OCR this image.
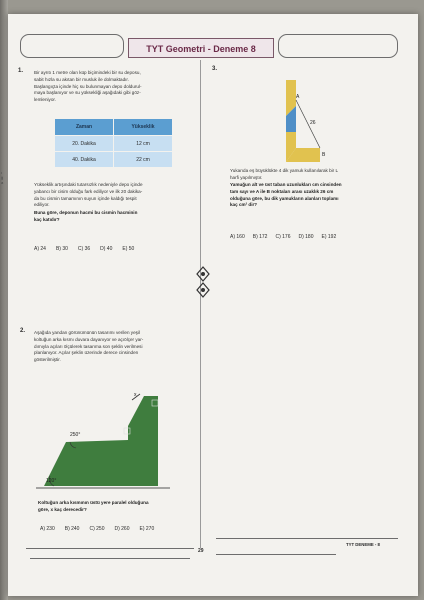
ı
ğ
a
TYT Geometri - Deneme 8
1. Bir ayrıtı 1 metre olan küp biçimindeki bir su deposu,
sabit hızla su akıtan bir musluk ile dolmaktadır.
Başlangıçta içinde hiç su bulunmayan depo doldurul-
maya başlanıyor ve su yüksekliği aşağıdaki gibi göz-
lemleniyor.
Zaman	Yükseklik
20. Dakika	12 cm
40. Dakika	22 cm
Yükseklik artışındaki tutarsızlık nedeniyle depo içinde
yabancı bir cisim olduğu fark ediliyor ve ilk 20 dakika-
da bu cismin tamamının suyun içinde kaldığı tespit
ediliyor.
Buna göre, deponun hacmi bu cismin hacminin
kaç katıdır?
A) 24 B) 30 C) 36 D) 40 E) 50
2. Aşağıda yandan görünümünün tasarımı verilen yeşil
koltuğun arka kısmı duvara dayanıyor ve açıölçer yar-
dımıyla açıları ölçülerek tasarıma son şeklin verilmesi
planlanıyor. Açılar şeklin üzerinde derece cinsinden
gösterilmiştir.
250°
120°
x
Koltuğun arka kısmının üstü yere paralel olduğuna
göre, x kaç derecedir?
A) 230 B) 240 C) 250 D) 260 E) 270
3.
A
B
26
Yukarıda eş büyüklükte 4 dik yamuk kullanılarak bir L
harfi yapılmıştır.
Yamuğun alt ve üst taban uzunlukları cm cinsinden
tam sayı ve A ile B noktaları arası uzaklık 26 cm
olduğuna göre, bu dik yamukların alanları toplamı
kaç cm² dir?
A) 160 B) 172 C) 176 D) 180 E) 192
29
TYT DENEME - 8
